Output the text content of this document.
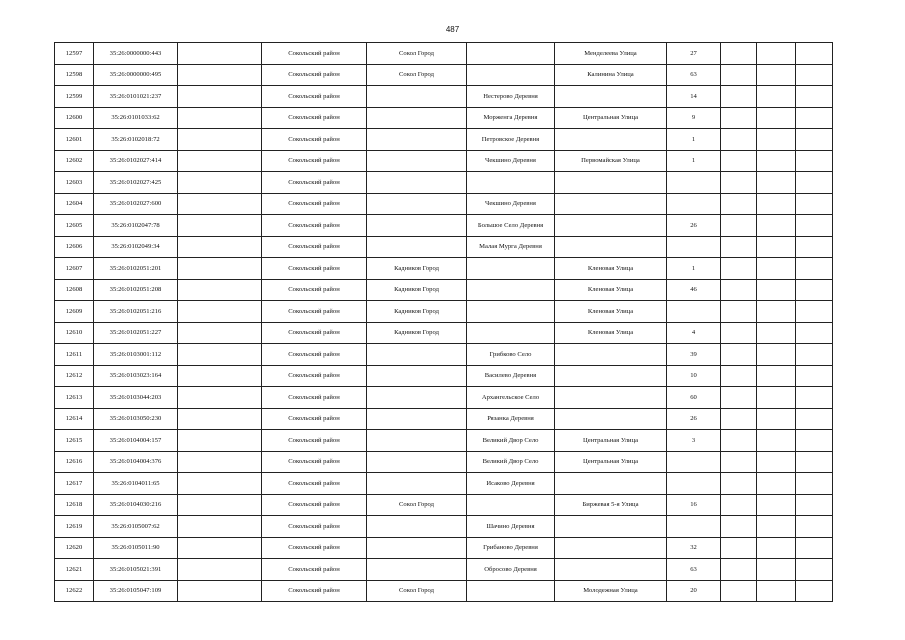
487
12597	35:26:0000000:443		Сокольский район	Сокол Город		Менделеева Улица	27			
12598	35:26:0000000:495		Сокольский район	Сокол Город		Калинина Улица	63			
12599	35:26:0101021:237		Сокольский район		Нестерово Деревня		14			
12600	35:26:0101033:62		Сокольский район		Морженга Деревня	Центральная Улица	9			
12601	35:26:0102018:72		Сокольский район		Петровское Деревня		1			
12602	35:26:0102027:414		Сокольский район		Чекшино Деревня	Первомайская Улица	1			
12603	35:26:0102027:425		Сокольский район							
12604	35:26:0102027:600		Сокольский район		Чекшино Деревня					
12605	35:26:0102047:78		Сокольский район		Большое Село Деревня		26			
12606	35:26:0102049:34		Сокольский район		Малая Мурга Деревня					
12607	35:26:0102051:201		Сокольский район	Кадников Город		Кленовая Улица	1			
12608	35:26:0102051:208		Сокольский район	Кадников Город		Кленовая Улица	46			
12609	35:26:0102051:216		Сокольский район	Кадников Город		Кленовая Улица				
12610	35:26:0102051:227		Сокольский район	Кадников Город		Кленовая Улица	4			
12611	35:26:0103001:112		Сокольский район		Грибково Село		39			
12612	35:26:0103023:164		Сокольский район		Василево Деревня		10			
12613	35:26:0103044:203		Сокольский район		Архангельское Село		60			
12614	35:26:0103050:230		Сокольский район		Рязанка Деревня		26			
12615	35:26:0104004:157		Сокольский район		Великий Двор Село	Центральная Улица	3			
12616	35:26:0104004:376		Сокольский район		Великий Двор Село	Центральная Улица				
12617	35:26:0104011:65		Сокольский район		Исаково Деревня					
12618	35:26:0104030:216		Сокольский район	Сокол Город		Биржевая 5-я Улица	16			
12619	35:26:0105007:62		Сокольский район		Шачино Деревня					
12620	35:26:0105011:90		Сокольский район		Грибаново Деревня		32			
12621	35:26:0105021:391		Сокольский район		Обросово Деревня		63			
12622	35:26:0105047:109		Сокольский район	Сокол Город		Молодежная Улица	20			
